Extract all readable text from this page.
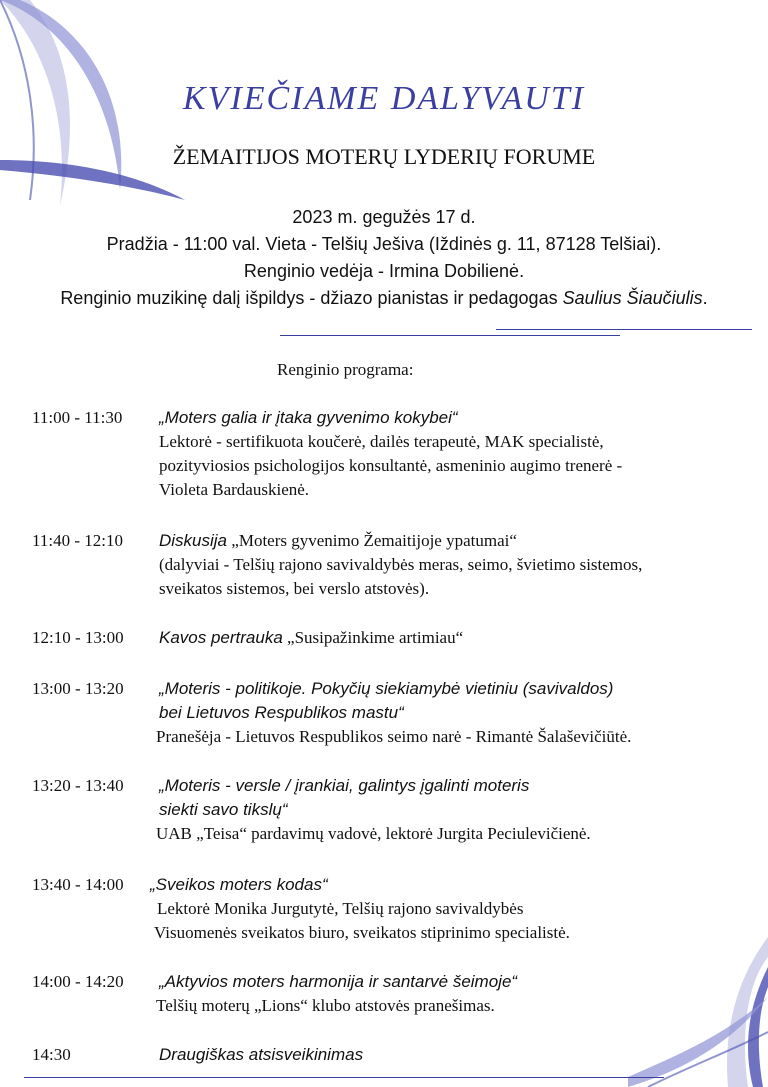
KVIEČIAME DALYVAUTI
ŽEMAITIJOS MOTERŲ LYDERIŲ FORUME
2023 m. gegužės 17 d.
Pradžia - 11:00 val. Vieta - Telšių Ješiva (Iždinės g. 11, 87128 Telšiai).
Renginio vedėja - Irmina Dobilienė.
Renginio muzikinę dalį išpildys - džiazo pianistas ir pedagogas Saulius Šiaučiulis.
Renginio programa:
11:00 - 11:30 „Moters galia ir įtaka gyvenimo kokybei“
Lektorė - sertifikuota koučerė, dailės terapeutė, MAK specialistė,
pozityviosios psichologijos konsultantė, asmeninio augimo trenerė -
Violeta Bardauskienė.
11:40 - 12:10 Diskusija „Moters gyvenimo Žemaitijoje ypatumai“
(dalyviai - Telšių rajono savivaldybės meras, seimo, švietimo sistemos,
sveikatos sistemos, bei verslo atstovės).
12:10 - 13:00 Kavos pertrauka „Susipažinkime artimiau“
13:00 - 13:20 „Moteris - politikoje. Pokyčių siekiamybė vietiniu (savivaldos)
bei Lietuvos Respublikos mastu“
Pranešėja - Lietuvos Respublikos seimo narė - Rimantė Šalaševičiūtė.
13:20 - 13:40 „Moteris - versle / įrankiai, galintys įgalinti moteris
siekti savo tikslų“
UAB „Teisa“ pardavimų vadovė, lektorė Jurgita Peciulevičienė.
13:40 - 14:00 „Sveikos moters kodas“
Lektorė Monika Jurgutytė, Telšių rajono savivaldybės
Visuomenės sveikatos biuro, sveikatos stiprinimo specialistė.
14:00 - 14:20 „Aktyvios moters harmonija ir santarvė šeimoje“
Telšių moterų „Lions“ klubo atstovės pranešimas.
14:30	Draugiškas atsisveikinimas
